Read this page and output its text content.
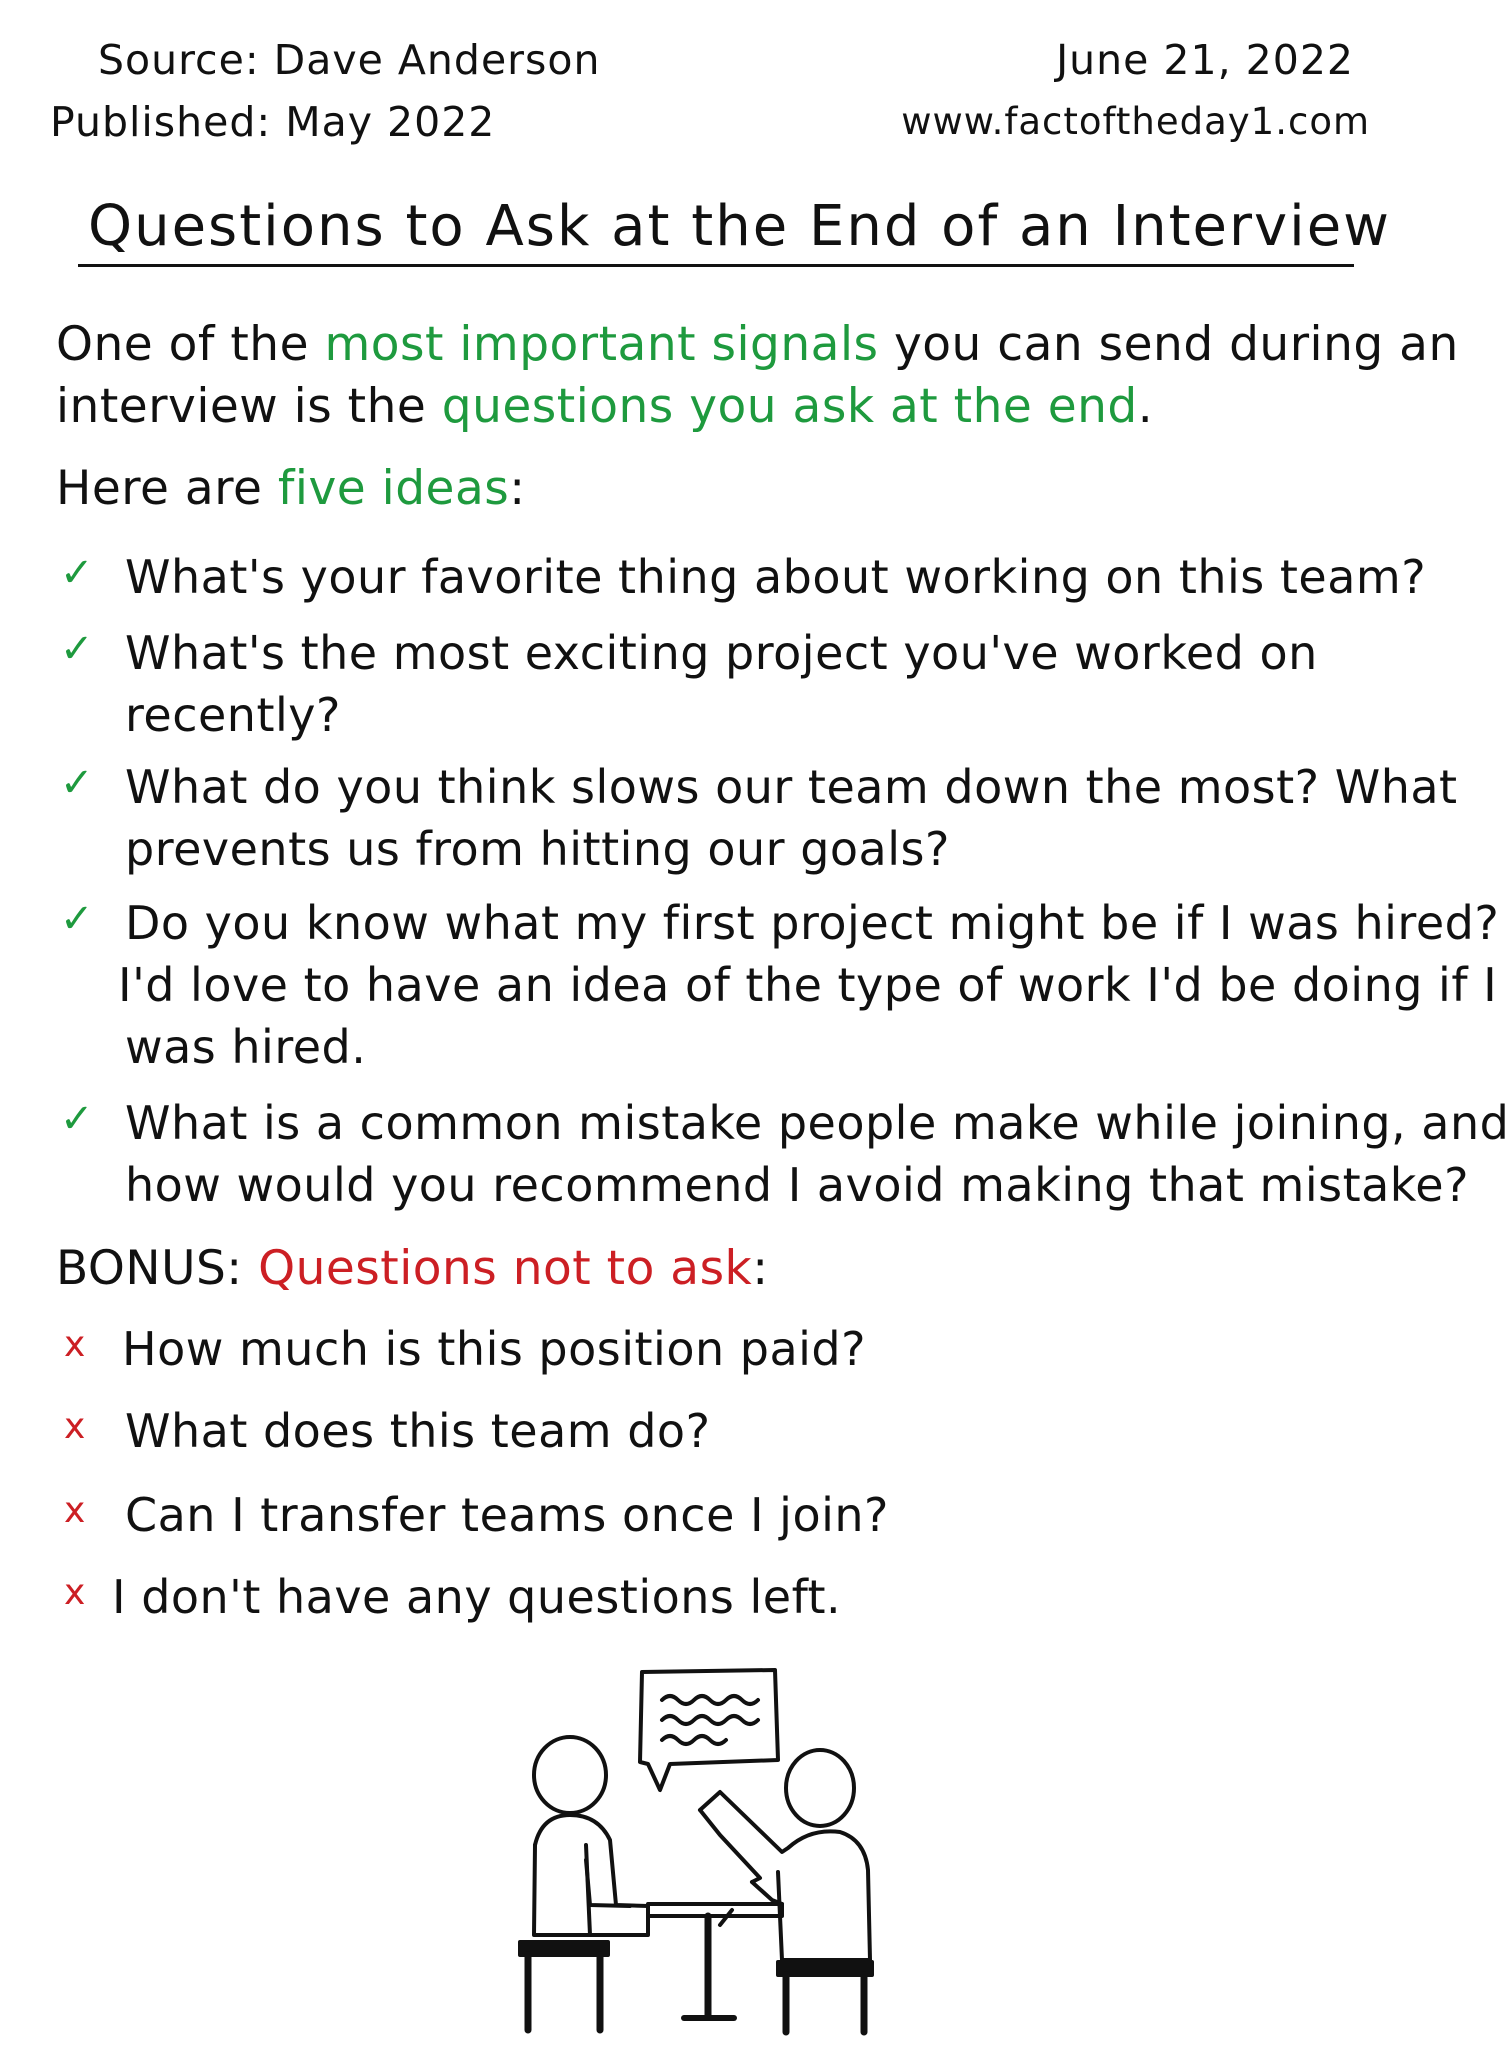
Source: Dave Anderson
Published: May 2022
June 21, 2022
www.factoftheday1.com
Questions to Ask at the End of an Interview
One of the most important signals you can send during an
interview is the questions you ask at the end.
Here are five ideas:
✓ What's your favorite thing about working on this team?
✓ What's the most exciting project you've worked on
recently?
✓ What do you think slows our team down the most? What
prevents us from hitting our goals?
✓ Do you know what my first project might be if I was hired?
I'd love to have an idea of the type of work I'd be doing if I
was hired.
✓ What is a common mistake people make while joining, and
how would you recommend I avoid making that mistake?
BONUS: Questions not to ask:
x How much is this position paid?
x What does this team do?
x Can I transfer teams once I join?
x I don't have any questions left.
